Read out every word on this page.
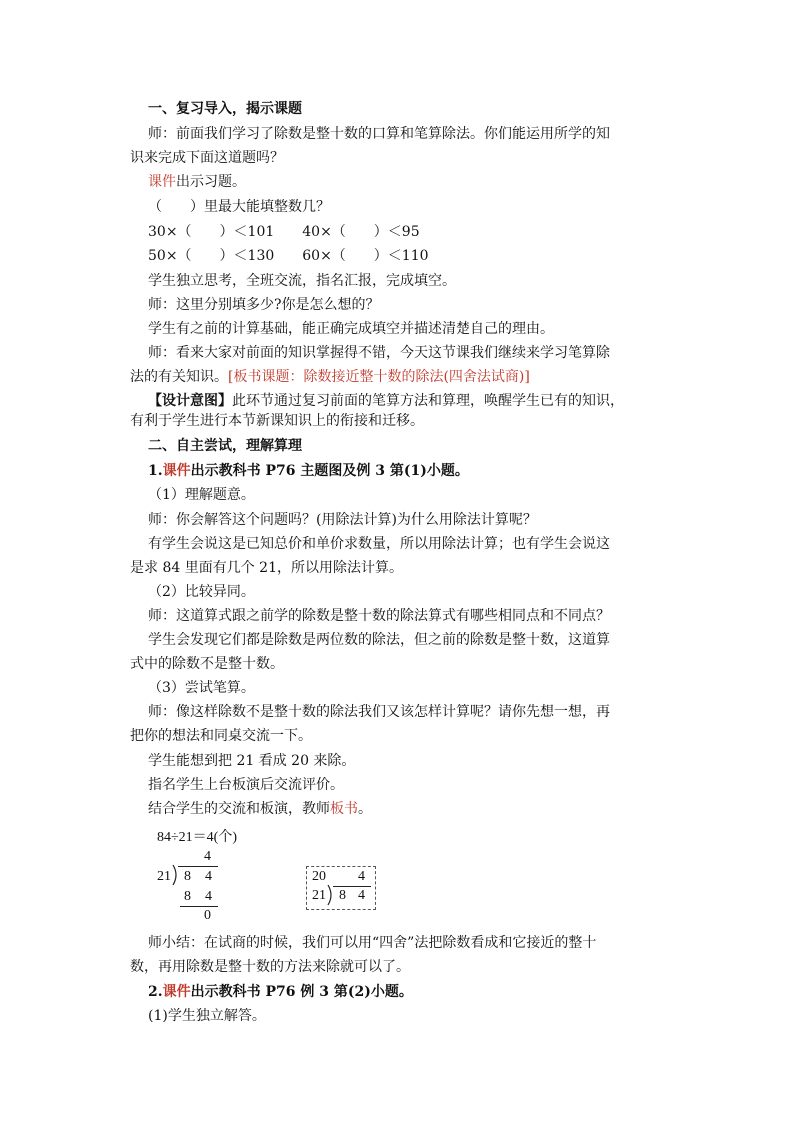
一、复习导入，揭示课题
师：前面我们学习了除数是整十数的口算和笔算除法。你们能运用所学的知
识来完成下面这道题吗？
课件出示习题。
（　　）里最大能填整数几？
30×（　　）＜101　　40×（　　）＜95
50×（　　）＜130　　60×（　　）＜110
学生独立思考，全班交流，指名汇报，完成填空。
师：这里分别填多少?你是怎么想的？
学生有之前的计算基础，能正确完成填空并描述清楚自己的理由。
师：看来大家对前面的知识掌握得不错，今天这节课我们继续来学习笔算除
法的有关知识。[板书课题：除数接近整十数的除法(四舍法试商)]
【设计意图】此环节通过复习前面的笔算方法和算理，唤醒学生已有的知识，
有利于学生进行本节新课知识上的衔接和迁移。
二、自主尝试，理解算理
1.课件出示教科书 P76 主题图及例 3 第(1)小题。
（1）理解题意。
师：你会解答这个问题吗？(用除法计算)为什么用除法计算呢？
有学生会说这是已知总价和单价求数量，所以用除法计算；也有学生会说这
是求 84 里面有几个 21，所以用除法计算。
（2）比较异同。
师：这道算式跟之前学的除数是整十数的除法算式有哪些相同点和不同点？
学生会发现它们都是除数是两位数的除法，但之前的除数是整十数，这道算
式中的除数不是整十数。
（3）尝试笔算。
师：像这样除数不是整十数的除法我们又该怎样计算呢？请你先想一想，再
把你的想法和同桌交流一下。
学生能想到把 21 看成 20 来除。
指名学生上台板演后交流评价。
结合学生的交流和板演，教师板书。
84÷21＝4(个)
4
21 8 4
8 4
0
20 4
21 8 4
师小结：在试商的时候，我们可以用“四舍”法把除数看成和它接近的整十
数，再用除数是整十数的方法来除就可以了。
2.课件出示教科书 P76 例 3 第(2)小题。
(1)学生独立解答。
